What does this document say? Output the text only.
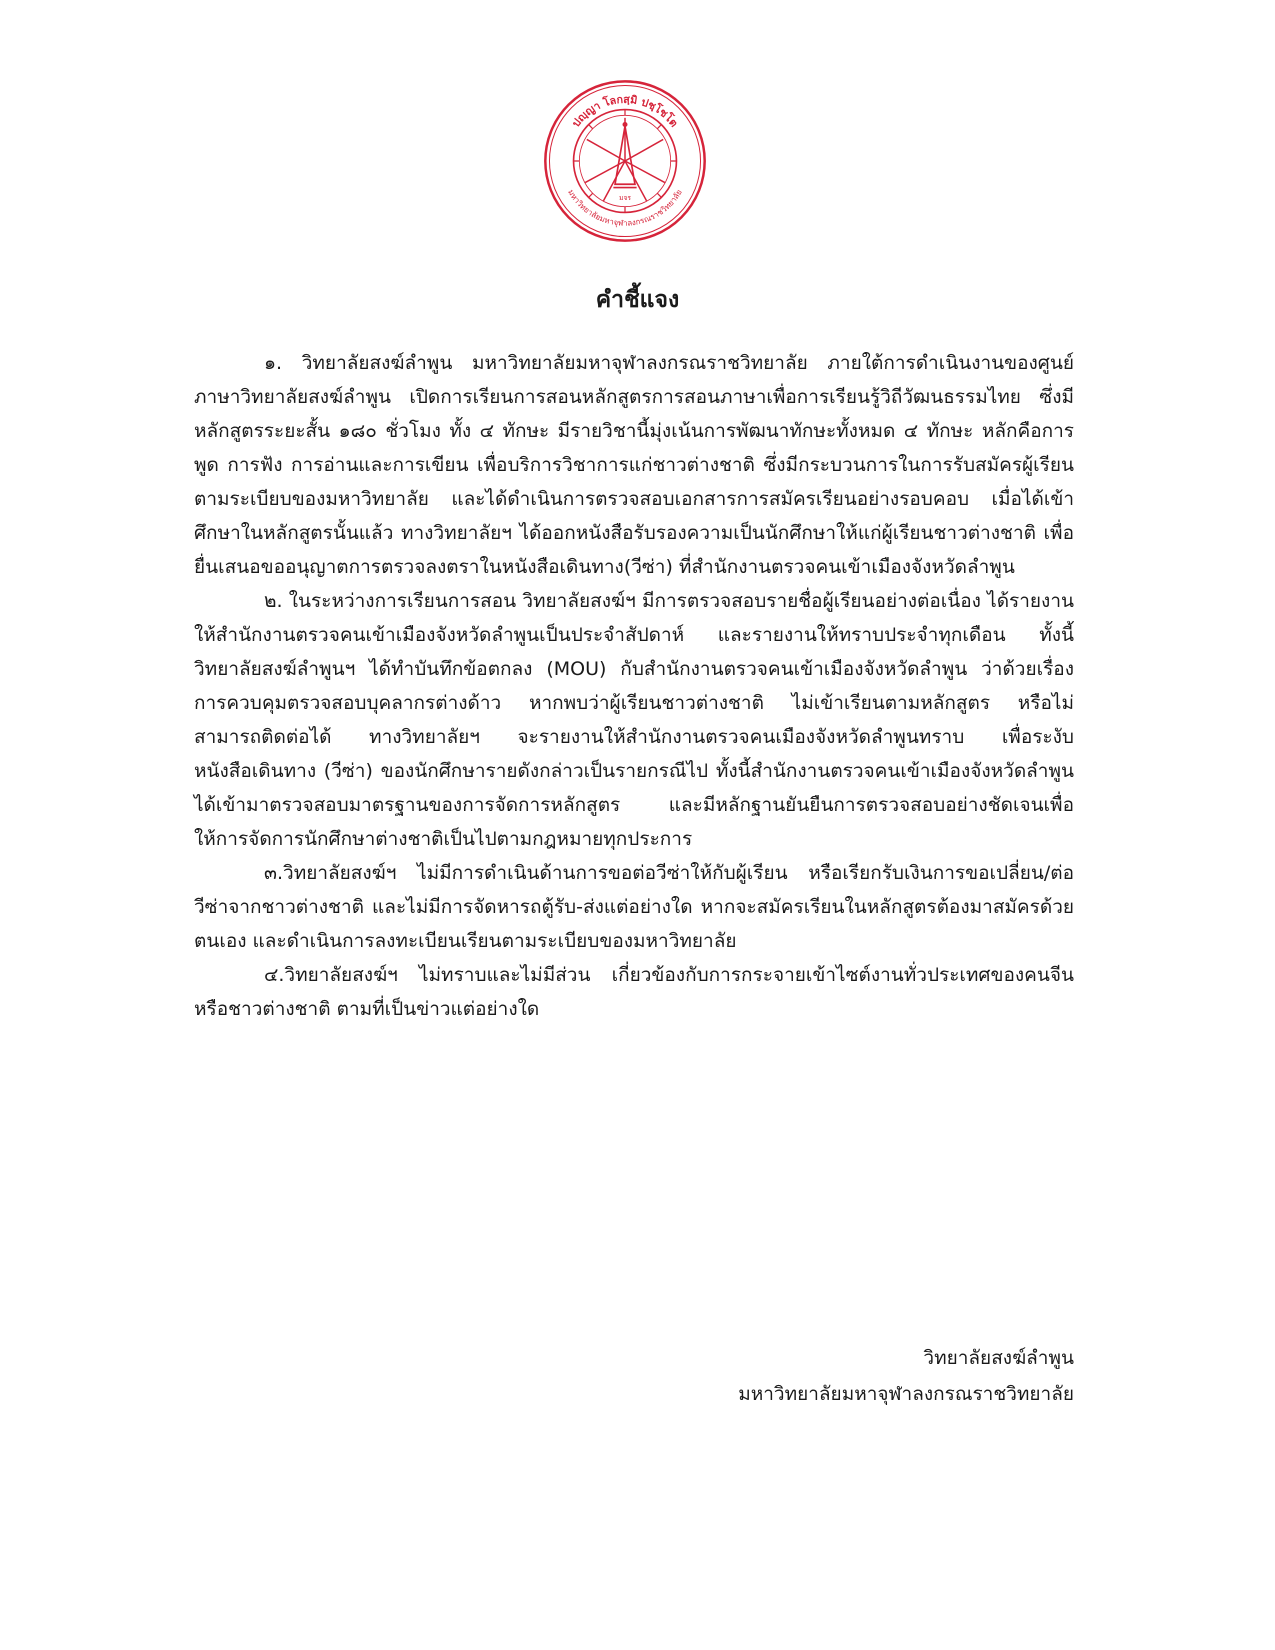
ปญฺญา โลกสฺมิ ปชฺโชโต
มหาวิทยาลัยมหาจุฬาลงกรณราชวิทยาลัย
มจร
คำชี้แจง

๑. วิทยาลัยสงฆ์ลำพูน มหาวิทยาลัยมหาจุฬาลงกรณราชวิทยาลัย ภายใต้การดำเนินงานของศูนย์ภาษาวิทยาลัยสงฆ์ลำพูน เปิดการเรียนการสอนหลักสูตรการสอนภาษาเพื่อการเรียนรู้วิถีวัฒนธรรมไทย ซึ่งมีหลักสูตรระยะสั้น ๑๘๐ ชั่วโมง ทั้ง ๔ ทักษะ มีรายวิชานี้มุ่งเน้นการพัฒนาทักษะทั้งหมด ๔ ทักษะ หลักคือการพูด การฟัง การอ่านและการเขียน เพื่อบริการวิชาการแก่ชาวต่างชาติ ซึ่งมีกระบวนการในการรับสมัครผู้เรียนตามระเบียบของมหาวิทยาลัย และได้ดำเนินการตรวจสอบเอกสารการสมัครเรียนอย่างรอบคอบ เมื่อได้เข้าศึกษาในหลักสูตรนั้นแล้ว ทางวิทยาลัยฯ ได้ออกหนังสือรับรองความเป็นนักศึกษาให้แก่ผู้เรียนชาวต่างชาติ เพื่อยื่นเสนอขออนุญาตการตรวจลงตราในหนังสือเดินทาง(วีซ่า) ที่สำนักงานตรวจคนเข้าเมืองจังหวัดลำพูน

๒. ในระหว่างการเรียนการสอน วิทยาลัยสงฆ์ฯ มีการตรวจสอบรายชื่อผู้เรียนอย่างต่อเนื่อง ได้รายงานให้สำนักงานตรวจคนเข้าเมืองจังหวัดลำพูนเป็นประจำสัปดาห์ และรายงานให้ทราบประจำทุกเดือน ทั้งนี้วิทยาลัยสงฆ์ลำพูนฯ ได้ทำบันทึกข้อตกลง (MOU) กับสำนักงานตรวจคนเข้าเมืองจังหวัดลำพูน ว่าด้วยเรื่องการควบคุมตรวจสอบบุคลากรต่างด้าว หากพบว่าผู้เรียนชาวต่างชาติ ไม่เข้าเรียนตามหลักสูตร หรือไม่สามารถติดต่อได้ ทางวิทยาลัยฯ จะรายงานให้สำนักงานตรวจคนเมืองจังหวัดลำพูนทราบ เพื่อระงับหนังสือเดินทาง (วีซ่า) ของนักศึกษารายดังกล่าวเป็นรายกรณีไป ทั้งนี้สำนักงานตรวจคนเข้าเมืองจังหวัดลำพูน ได้เข้ามาตรวจสอบมาตรฐานของการจัดการหลักสูตร และมีหลักฐานยันยืนการตรวจสอบอย่างชัดเจนเพื่อให้การจัดการนักศึกษาต่างชาติเป็นไปตามกฎหมายทุกประการ

๓.วิทยาลัยสงฆ์ฯ ไม่มีการดำเนินด้านการขอต่อวีซ่าให้กับผู้เรียน หรือเรียกรับเงินการขอเปลี่ยน/ต่อวีซ่าจากชาวต่างชาติ และไม่มีการจัดหารถตู้รับ-ส่งแต่อย่างใด หากจะสมัครเรียนในหลักสูตรต้องมาสมัครด้วยตนเอง และดำเนินการลงทะเบียนเรียนตามระเบียบของมหาวิทยาลัย

๔.วิทยาลัยสงฆ์ฯ ไม่ทราบและไม่มีส่วน เกี่ยวข้องกับการกระจายเข้าไซต์งานทั่วประเทศของคนจีนหรือชาวต่างชาติ ตามที่เป็นข่าวแต่อย่างใด

วิทยาลัยสงฆ์ลำพูน
มหาวิทยาลัยมหาจุฬาลงกรณราชวิทยาลัย
